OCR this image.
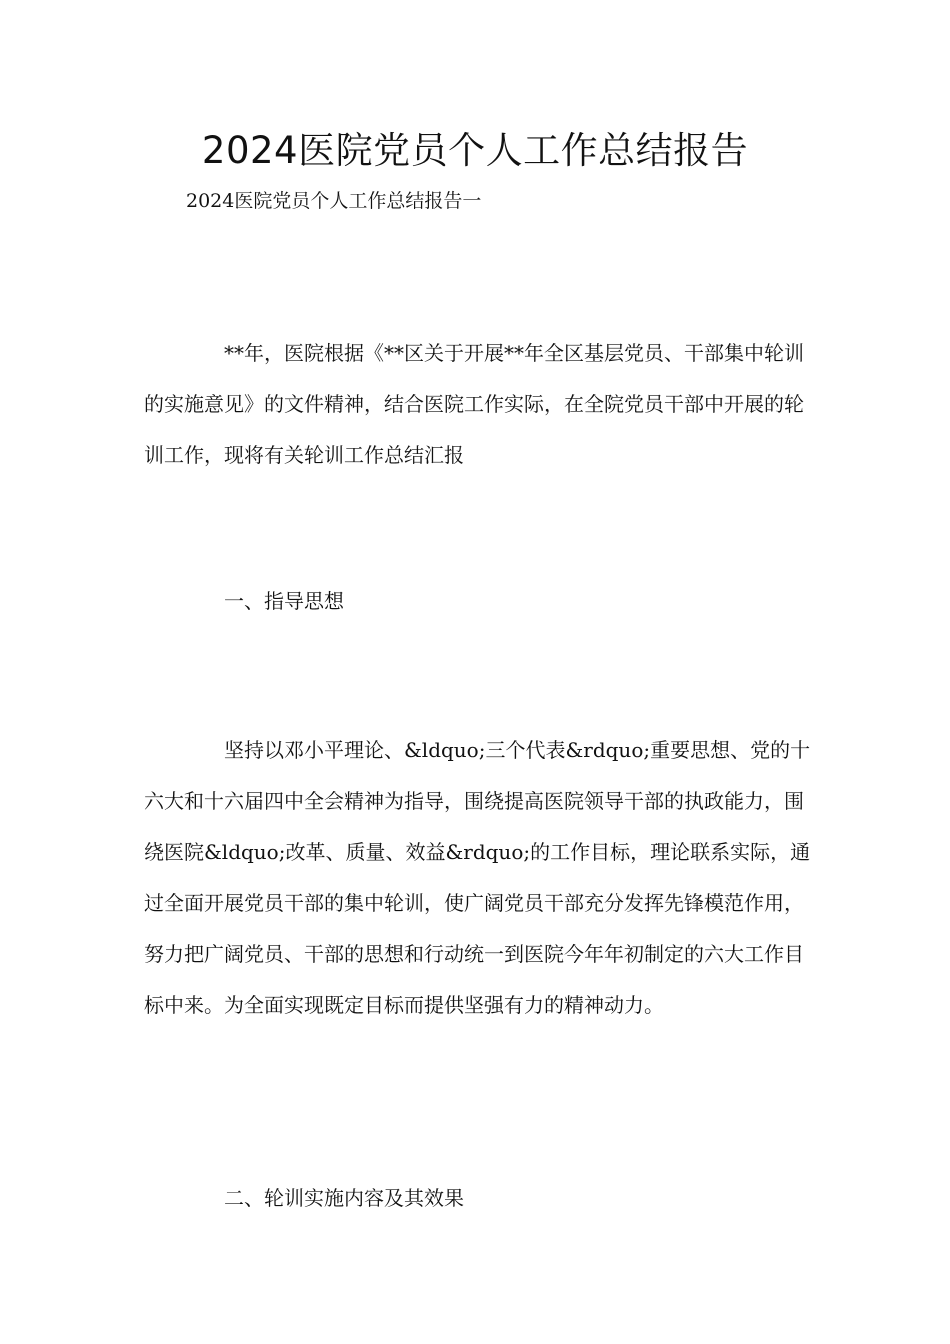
2024医院党员个人工作总结报告

2024医院党员个人工作总结报告一

**年，医院根据《**区关于开展**年全区基层党员、干部集中轮训的实施意见》的文件精神，结合医院工作实际，在全院党员干部中开展的轮训工作，现将有关轮训工作总结汇报

一、指导思想

坚持以邓小平理论、&ldquo;三个代表&rdquo;重要思想、党的十六大和十六届四中全会精神为指导，围绕提高医院领导干部的执政能力，围绕医院&ldquo;改革、质量、效益&rdquo;的工作目标，理论联系实际，通过全面开展党员干部的集中轮训，使广阔党员干部充分发挥先锋模范作用，努力把广阔党员、干部的思想和行动统一到医院今年年初制定的六大工作目标中来。为全面实现既定目标而提供坚强有力的精神动力。

二、轮训实施内容及其效果
